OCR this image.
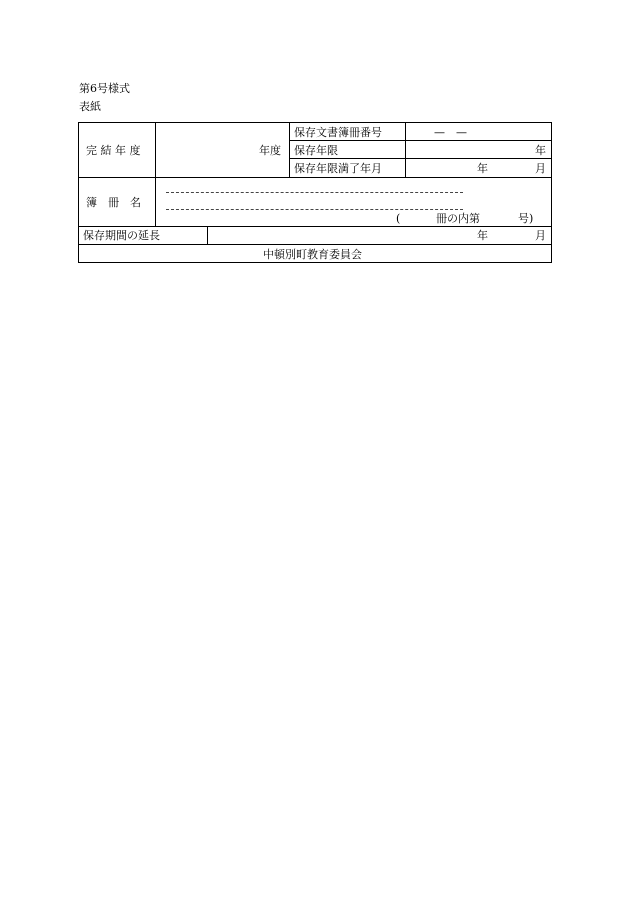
第6号様式
表紙
完 結 年 度	年度
保存文書簿冊番号	—　—
保存年限	年
保存年限満了年月	年	月
簿　冊　名
(	冊の内第	号)
保存期間の延長	年	月
中頓別町教育委員会
